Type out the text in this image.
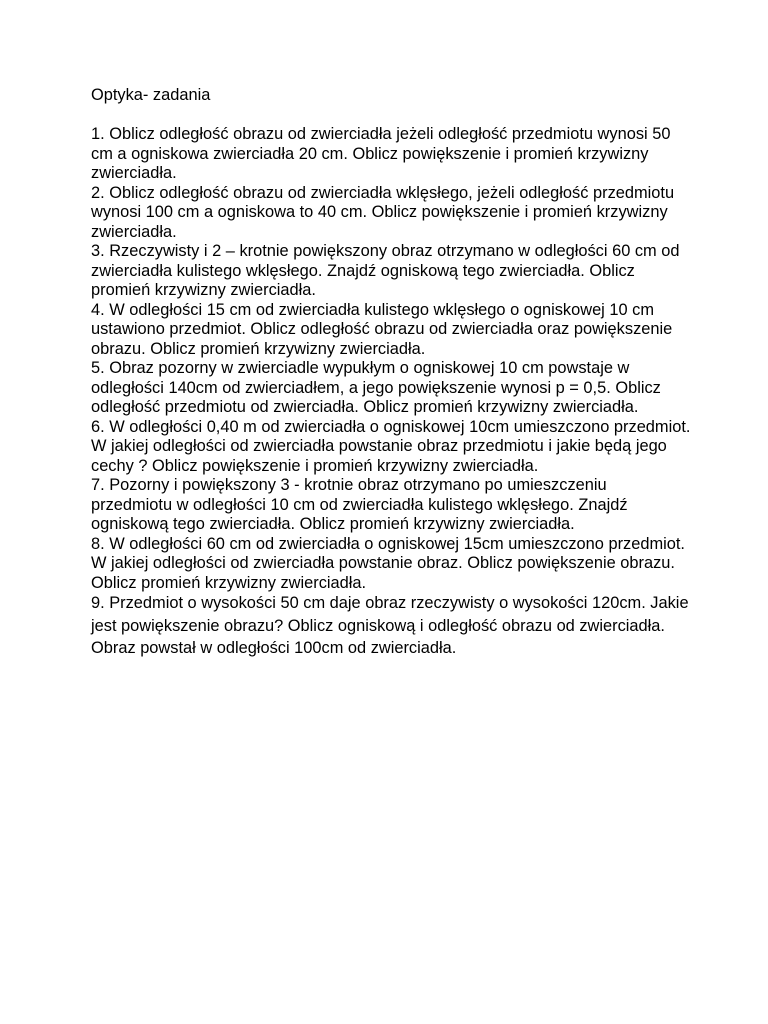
Optyka- zadania
1. Oblicz odległość obrazu od zwierciadła jeżeli odległość przedmiotu wynosi 50 cm a ogniskowa zwierciadła 20 cm. Oblicz powiększenie i promień krzywizny zwierciadła.
2. Oblicz odległość obrazu od zwierciadła wklęsłego, jeżeli odległość przedmiotu wynosi 100 cm a ogniskowa to 40 cm. Oblicz powiększenie i promień krzywizny zwierciadła.
3. Rzeczywisty i 2 – krotnie powiększony obraz otrzymano w odległości 60 cm od zwierciadła kulistego wklęsłego. Znajdź ogniskową tego zwierciadła. Oblicz promień krzywizny zwierciadła.
4. W odległości 15 cm od zwierciadła kulistego wklęsłego o ogniskowej 10 cm ustawiono przedmiot. Oblicz odległość obrazu od zwierciadła oraz powiększenie obrazu. Oblicz promień krzywizny zwierciadła.
5. Obraz pozorny w zwierciadle wypukłym o ogniskowej 10 cm powstaje w odległości 140cm od zwierciadłem, a jego powiększenie wynosi p = 0,5. Oblicz odległość przedmiotu od zwierciadła. Oblicz promień krzywizny zwierciadła.
6. W odległości 0,40 m od zwierciadła o ogniskowej 10cm umieszczono przedmiot. W jakiej odległości od zwierciadła powstanie obraz przedmiotu i jakie będą jego cechy ? Oblicz powiększenie i promień krzywizny zwierciadła.
7. Pozorny i powiększony 3 - krotnie obraz otrzymano po umieszczeniu przedmiotu w odległości 10 cm od zwierciadła kulistego wklęsłego. Znajdź ogniskową tego zwierciadła. Oblicz promień krzywizny zwierciadła.
8. W odległości 60 cm od zwierciadła o ogniskowej 15cm umieszczono przedmiot. W jakiej odległości od zwierciadła powstanie obraz. Oblicz powiększenie obrazu. Oblicz promień krzywizny zwierciadła.
9. Przedmiot o wysokości 50 cm daje obraz rzeczywisty o wysokości 120cm. Jakie jest powiększenie obrazu? Oblicz ogniskową i odległość obrazu od zwierciadła. Obraz powstał w odległości 100cm od zwierciadła.
